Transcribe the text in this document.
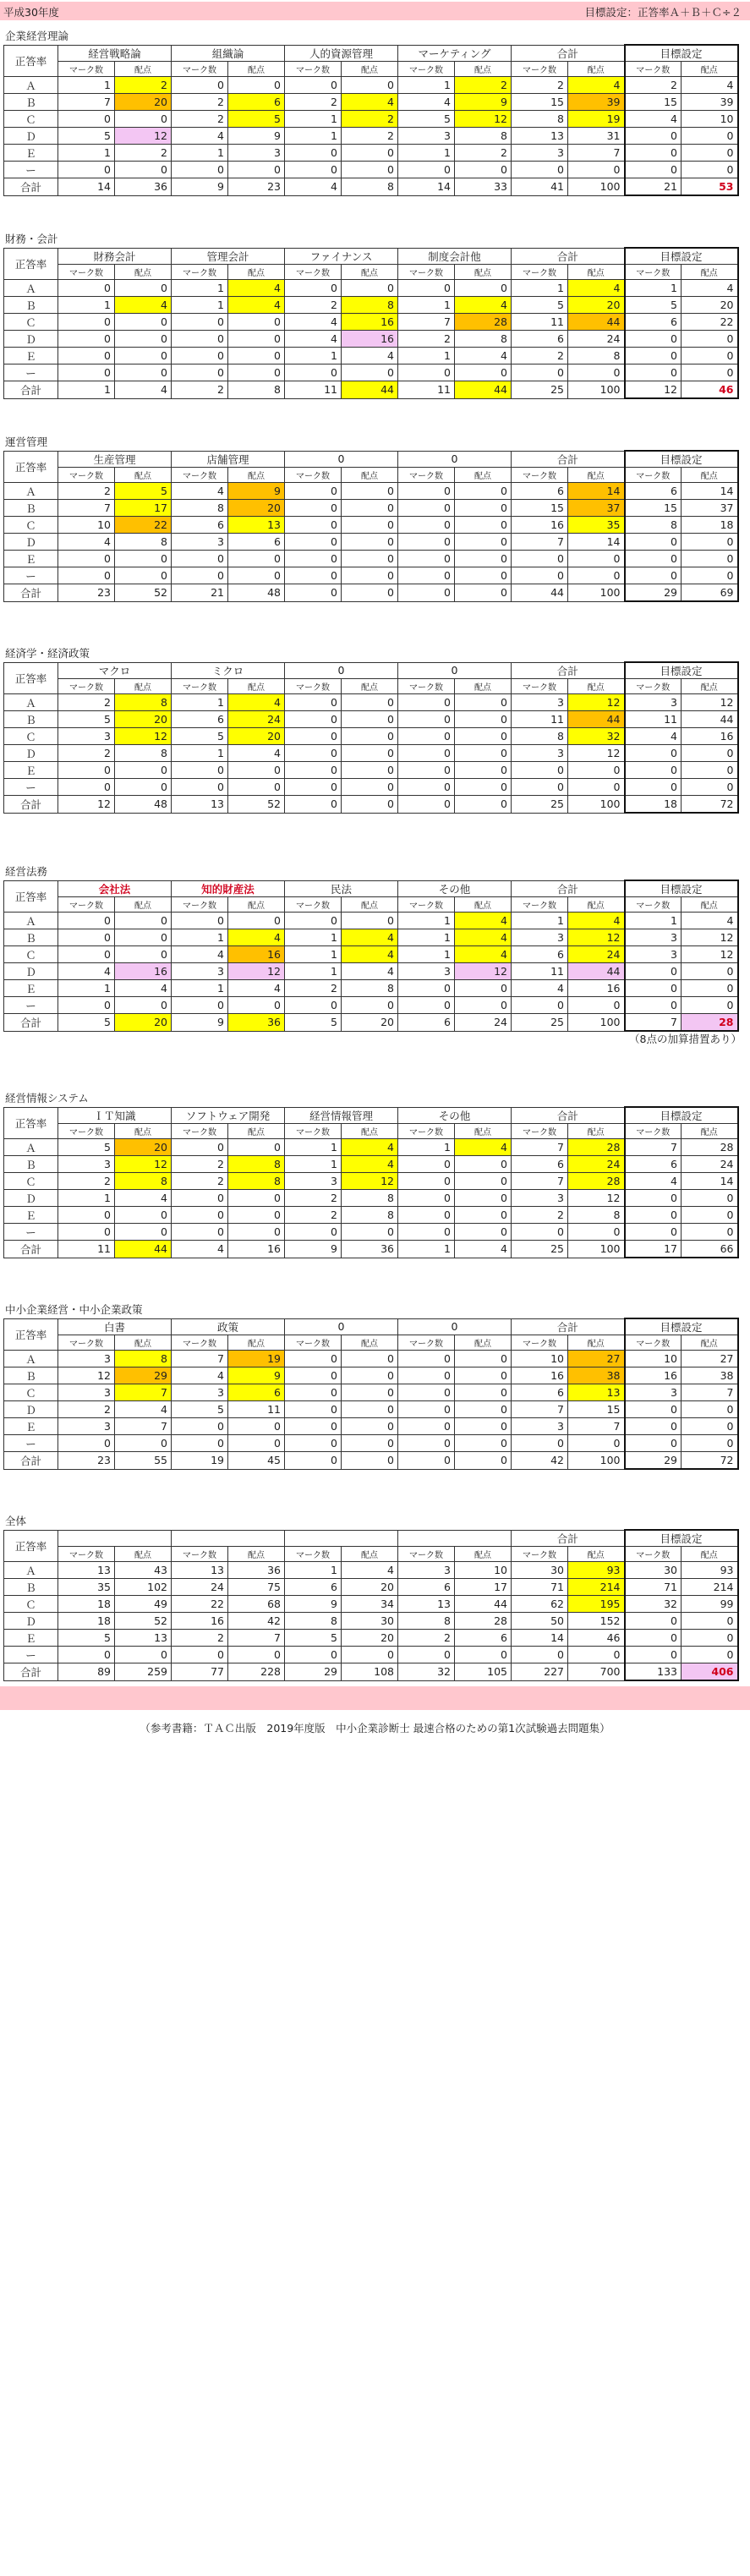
平成30年度	目標設定：正答率Ａ＋Ｂ＋Ｃ÷２
企業経営理論
正答率	経営戦略論		組織論		人的資源管理		マーケティング		合計		目標設定	
	マーク数	配点	マーク数	配点	マーク数	配点	マーク数	配点	マーク数	配点	マーク数	配点
Ａ	1	2	0	0	0	0	1	2	2	4	2	4
Ｂ	7	20	2	6	2	4	4	9	15	39	15	39
Ｃ	0	0	2	5	1	2	5	12	8	19	4	10
Ｄ	5	12	4	9	1	2	3	8	13	31	0	0
Ｅ	1	2	1	3	0	0	1	2	3	7	0	0
ー	0	0	0	0	0	0	0	0	0	0	0	0
合計	14	36	9	23	4	8	14	33	41	100	21	53
財務・会計
正答率	財務会計		管理会計		ファイナンス		制度会計他		合計		目標設定	
	マーク数	配点	マーク数	配点	マーク数	配点	マーク数	配点	マーク数	配点	マーク数	配点
Ａ	0	0	1	4	0	0	0	0	1	4	1	4
Ｂ	1	4	1	4	2	8	1	4	5	20	5	20
Ｃ	0	0	0	0	4	16	7	28	11	44	6	22
Ｄ	0	0	0	0	4	16	2	8	6	24	0	0
Ｅ	0	0	0	0	1	4	1	4	2	8	0	0
ー	0	0	0	0	0	0	0	0	0	0	0	0
合計	1	4	2	8	11	44	11	44	25	100	12	46
運営管理
正答率	生産管理		店舗管理		0		0		合計		目標設定	
	マーク数	配点	マーク数	配点	マーク数	配点	マーク数	配点	マーク数	配点	マーク数	配点
Ａ	2	5	4	9	0	0	0	0	6	14	6	14
Ｂ	7	17	8	20	0	0	0	0	15	37	15	37
Ｃ	10	22	6	13	0	0	0	0	16	35	8	18
Ｄ	4	8	3	6	0	0	0	0	7	14	0	0
Ｅ	0	0	0	0	0	0	0	0	0	0	0	0
ー	0	0	0	0	0	0	0	0	0	0	0	0
合計	23	52	21	48	0	0	0	0	44	100	29	69
経済学・経済政策
正答率	マクロ		ミクロ		0		0		合計		目標設定	
	マーク数	配点	マーク数	配点	マーク数	配点	マーク数	配点	マーク数	配点	マーク数	配点
Ａ	2	8	1	4	0	0	0	0	3	12	3	12
Ｂ	5	20	6	24	0	0	0	0	11	44	11	44
Ｃ	3	12	5	20	0	0	0	0	8	32	4	16
Ｄ	2	8	1	4	0	0	0	0	3	12	0	0
Ｅ	0	0	0	0	0	0	0	0	0	0	0	0
ー	0	0	0	0	0	0	0	0	0	0	0	0
合計	12	48	13	52	0	0	0	0	25	100	18	72
経営法務
正答率	会社法		知的財産法		民法		その他		合計		目標設定	
	マーク数	配点	マーク数	配点	マーク数	配点	マーク数	配点	マーク数	配点	マーク数	配点
Ａ	0	0	0	0	0	0	1	4	1	4	1	4
Ｂ	0	0	1	4	1	4	1	4	3	12	3	12
Ｃ	0	0	4	16	1	4	1	4	6	24	3	12
Ｄ	4	16	3	12	1	4	3	12	11	44	0	0
Ｅ	1	4	1	4	2	8	0	0	4	16	0	0
ー	0	0	0	0	0	0	0	0	0	0	0	0
合計	5	20	9	36	5	20	6	24	25	100	7	28
（8点の加算措置あり）
経営情報システム
正答率	ＩＴ知識		ソフトウェア開発		経営情報管理		その他		合計		目標設定	
	マーク数	配点	マーク数	配点	マーク数	配点	マーク数	配点	マーク数	配点	マーク数	配点
Ａ	5	20	0	0	1	4	1	4	7	28	7	28
Ｂ	3	12	2	8	1	4	0	0	6	24	6	24
Ｃ	2	8	2	8	3	12	0	0	7	28	4	14
Ｄ	1	4	0	0	2	8	0	0	3	12	0	0
Ｅ	0	0	0	0	2	8	0	0	2	8	0	0
ー	0	0	0	0	0	0	0	0	0	0	0	0
合計	11	44	4	16	9	36	1	4	25	100	17	66
中小企業経営・中小企業政策
正答率	白書		政策		0		0		合計		目標設定	
	マーク数	配点	マーク数	配点	マーク数	配点	マーク数	配点	マーク数	配点	マーク数	配点
Ａ	3	8	7	19	0	0	0	0	10	27	10	27
Ｂ	12	29	4	9	0	0	0	0	16	38	16	38
Ｃ	3	7	3	6	0	0	0	0	6	13	3	7
Ｄ	2	4	5	11	0	0	0	0	7	15	0	0
Ｅ	3	7	0	0	0	0	0	0	3	7	0	0
ー	0	0	0	0	0	0	0	0	0	0	0	0
合計	23	55	19	45	0	0	0	0	42	100	29	72
全体
正答率									合計		目標設定	
	マーク数	配点	マーク数	配点	マーク数	配点	マーク数	配点	マーク数	配点	マーク数	配点
Ａ	13	43	13	36	1	4	3	10	30	93	30	93
Ｂ	35	102	24	75	6	20	6	17	71	214	71	214
Ｃ	18	49	22	68	9	34	13	44	62	195	32	99
Ｄ	18	52	16	42	8	30	8	28	50	152	0	0
Ｅ	5	13	2	7	5	20	2	6	14	46	0	0
ー	0	0	0	0	0	0	0	0	0	0	0	0
合計	89	259	77	228	29	108	32	105	227	700	133	406
（参考書籍：ＴＡＣ出版　2019年度版　中小企業診断士 最速合格のための第1次試験過去問題集）
